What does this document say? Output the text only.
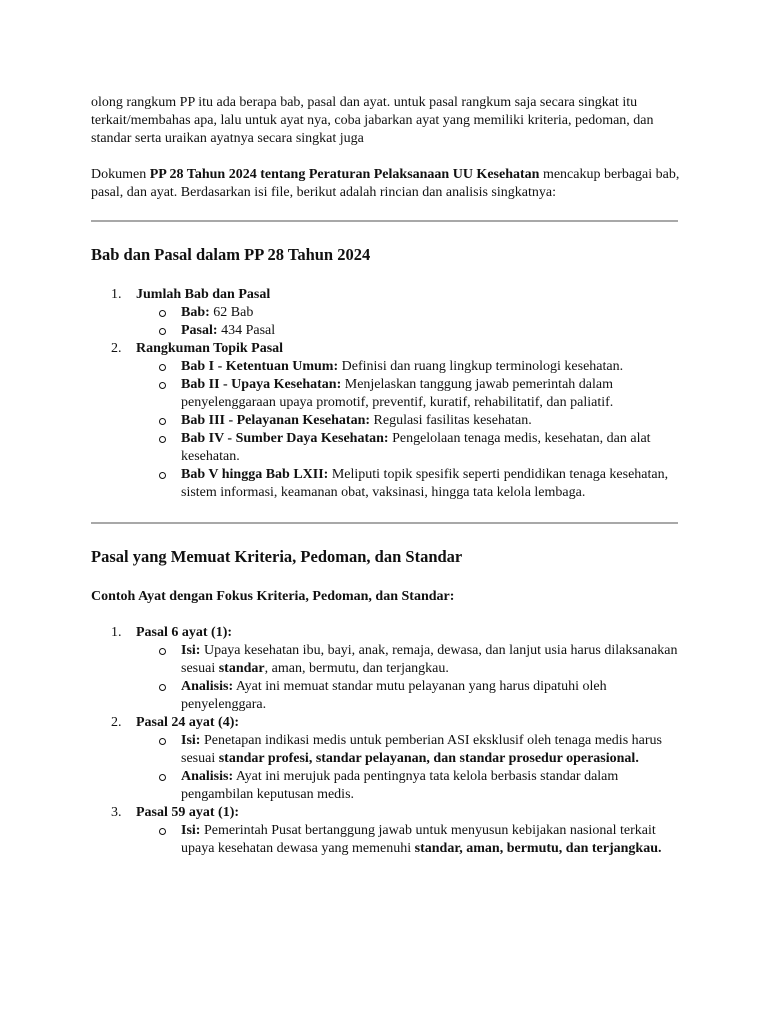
olong rangkum PP itu ada berapa bab, pasal dan ayat. untuk pasal rangkum saja secara singkat itu terkait/membahas apa, lalu untuk ayat nya, coba jabarkan ayat yang memiliki kriteria, pedoman, dan standar serta uraikan ayatnya secara singkat juga

Dokumen PP 28 Tahun 2024 tentang Peraturan Pelaksanaan UU Kesehatan mencakup berbagai bab, pasal, dan ayat. Berdasarkan isi file, berikut adalah rincian dan analisis singkatnya:

Bab dan Pasal dalam PP 28 Tahun 2024
1. Jumlah Bab dan Pasal
Bab: 62 Bab
Pasal: 434 Pasal
2. Rangkuman Topik Pasal
Bab I - Ketentuan Umum: Definisi dan ruang lingkup terminologi kesehatan.
Bab II - Upaya Kesehatan: Menjelaskan tanggung jawab pemerintah dalam penyelenggaraan upaya promotif, preventif, kuratif, rehabilitatif, dan paliatif.
Bab III - Pelayanan Kesehatan: Regulasi fasilitas kesehatan.
Bab IV - Sumber Daya Kesehatan: Pengelolaan tenaga medis, kesehatan, dan alat kesehatan.
Bab V hingga Bab LXII: Meliputi topik spesifik seperti pendidikan tenaga kesehatan, sistem informasi, keamanan obat, vaksinasi, hingga tata kelola lembaga.
Pasal yang Memuat Kriteria, Pedoman, dan Standar
Contoh Ayat dengan Fokus Kriteria, Pedoman, dan Standar:
1. Pasal 6 ayat (1):
Isi: Upaya kesehatan ibu, bayi, anak, remaja, dewasa, dan lanjut usia harus dilaksanakan sesuai standar, aman, bermutu, dan terjangkau.
Analisis: Ayat ini memuat standar mutu pelayanan yang harus dipatuhi oleh penyelenggara.
2. Pasal 24 ayat (4):
Isi: Penetapan indikasi medis untuk pemberian ASI eksklusif oleh tenaga medis harus sesuai standar profesi, standar pelayanan, dan standar prosedur operasional.
Analisis: Ayat ini merujuk pada pentingnya tata kelola berbasis standar dalam pengambilan keputusan medis.
3. Pasal 59 ayat (1):
Isi: Pemerintah Pusat bertanggung jawab untuk menyusun kebijakan nasional terkait upaya kesehatan dewasa yang memenuhi standar, aman, bermutu, dan terjangkau.
